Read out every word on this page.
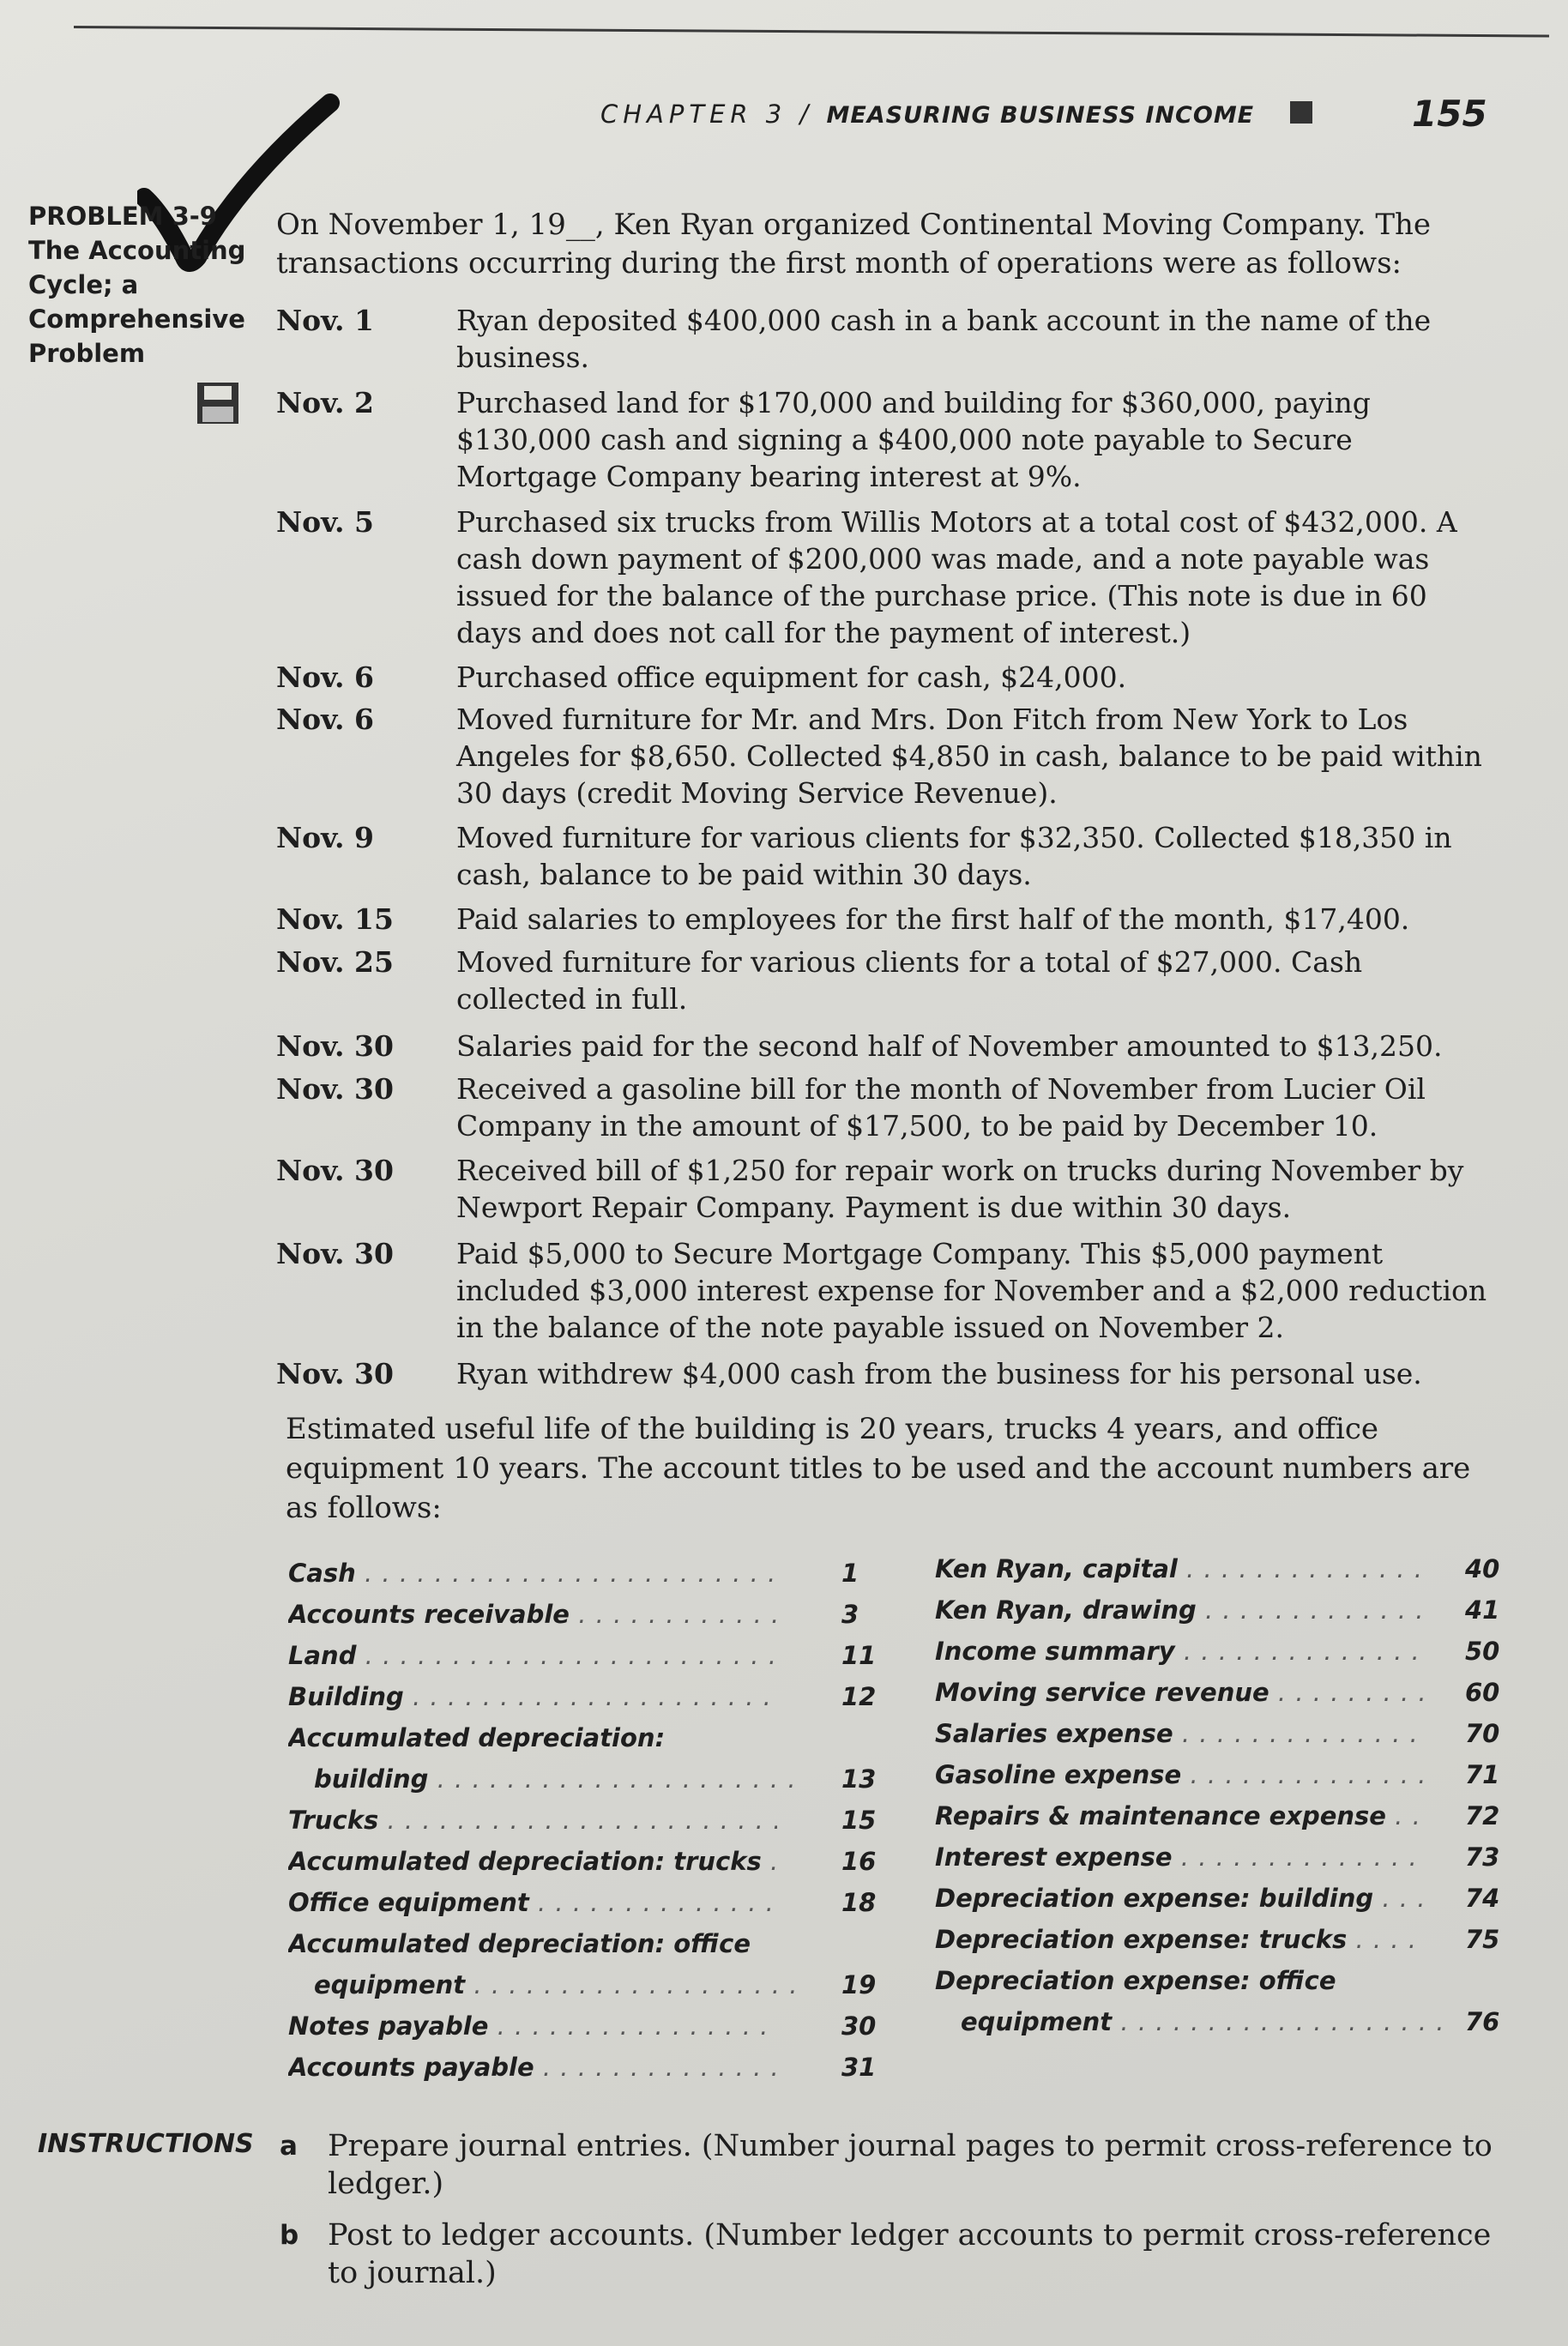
CHAPTER 3 / MEASURING BUSINESS INCOME	155
PROBLEM 3-9
The Accounting Cycle; a Comprehensive Problem
On November 1, 19__, Ken Ryan organized Continental Moving Company. The transactions occurring during the first month of operations were as follows:
Nov. 1	Ryan deposited $400,000 cash in a bank account in the name of the business.
Nov. 2	Purchased land for $170,000 and building for $360,000, paying $130,000 cash and signing a $400,000 note payable to Secure Mortgage Company bearing interest at 9%.
Nov. 5	Purchased six trucks from Willis Motors at a total cost of $432,000. A cash down payment of $200,000 was made, and a note payable was issued for the balance of the purchase price. (This note is due in 60 days and does not call for the payment of interest.)
Nov. 6	Purchased office equipment for cash, $24,000.
Nov. 6	Moved furniture for Mr. and Mrs. Don Fitch from New York to Los Angeles for $8,650. Collected $4,850 in cash, balance to be paid within 30 days (credit Moving Service Revenue).
Nov. 9	Moved furniture for various clients for $32,350. Collected $18,350 in cash, balance to be paid within 30 days.
Nov. 15	Paid salaries to employees for the first half of the month, $17,400.
Nov. 25	Moved furniture for various clients for a total of $27,000. Cash collected in full.
Nov. 30	Salaries paid for the second half of November amounted to $13,250.
Nov. 30	Received a gasoline bill for the month of November from Lucier Oil Company in the amount of $17,500, to be paid by December 10.
Nov. 30	Received bill of $1,250 for repair work on trucks during November by Newport Repair Company. Payment is due within 30 days.
Nov. 30	Paid $5,000 to Secure Mortgage Company. This $5,000 payment included $3,000 interest expense for November and a $2,000 reduction in the balance of the note payable issued on November 2.
Nov. 30	Ryan withdrew $4,000 cash from the business for his personal use.
Estimated useful life of the building is 20 years, trucks 4 years, and office equipment 10 years. The account titles to be used and the account numbers are as follows:
Cash . . .	1
Accounts receivable . . .	3
Land . . .	11
Building . . .	12
Accumulated depreciation:
building . . .	13
Trucks . . .	15
Accumulated depreciation: trucks . . .	16
Office equipment . . .	18
Accumulated depreciation: office
equipment . . .	19
Notes payable . . .	30
Accounts payable . . .	31
Ken Ryan, capital . . .	40
Ken Ryan, drawing . . .	41
Income summary . . .	50
Moving service revenue . . .	60
Salaries expense . . .	70
Gasoline expense . . .	71
Repairs & maintenance expense . . .	72
Interest expense . . .	73
Depreciation expense: building . . .	74
Depreciation expense: trucks . . .	75
Depreciation expense: office
equipment . . .	76
INSTRUCTIONS a Prepare journal entries. (Number journal pages to permit cross-reference to ledger.)
b Post to ledger accounts. (Number ledger accounts to permit cross-reference to journal.)
